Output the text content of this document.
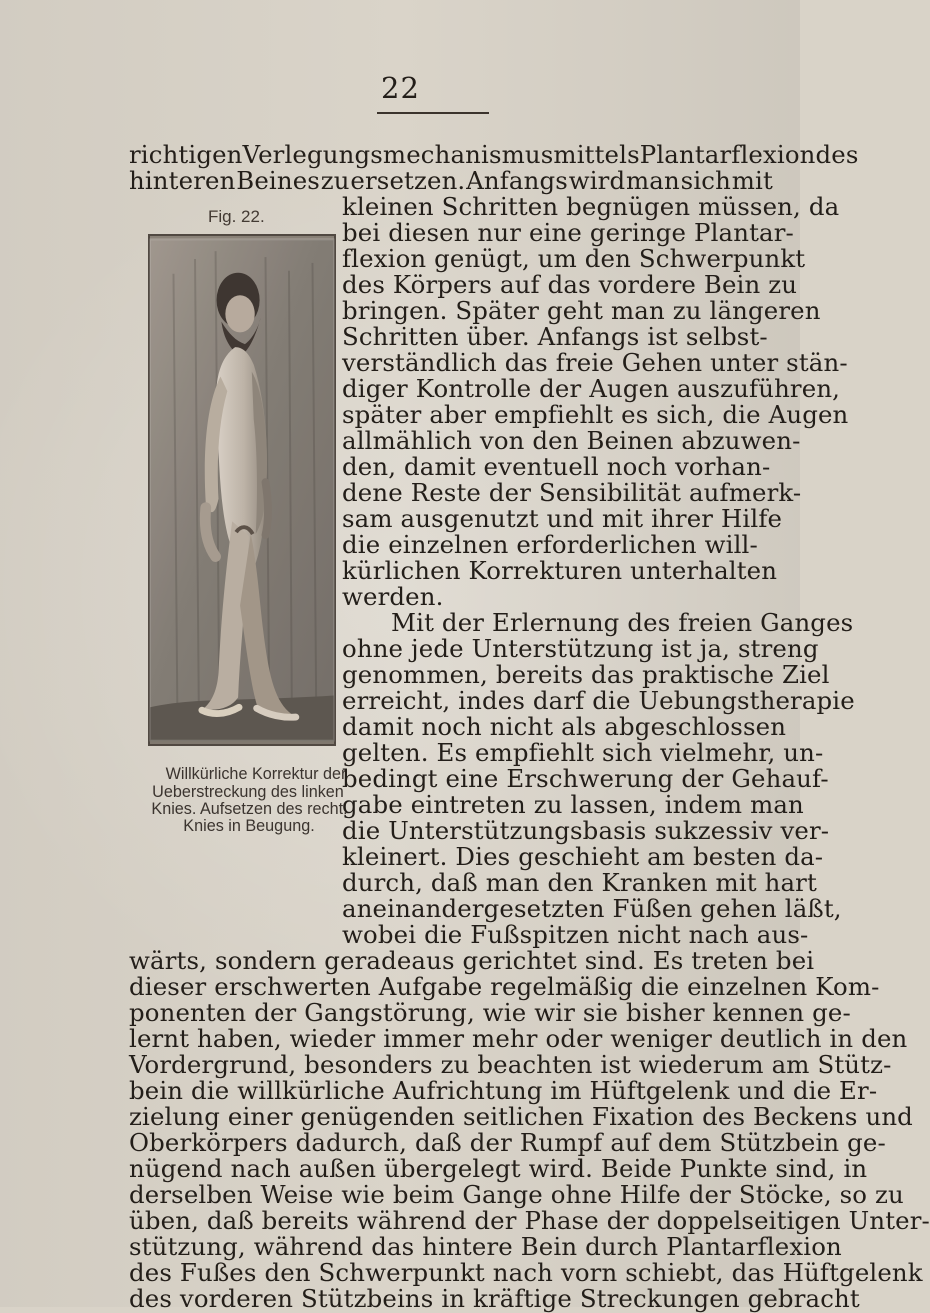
22
Fig. 22.
Willkürliche Korrektur der
Ueberstreckung des linken
Knies. Aufsetzen des recht.
Knies in Beugung.
richtigen Verlegungsmechanismus mittels Plantarflexion des
hinteren Beines zu ersetzen. Anfangs wird man sich mit
kleinen Schritten begnügen müssen, da
bei diesen nur eine geringe Plantar-
flexion genügt, um den Schwerpunkt
des Körpers auf das vordere Bein zu
bringen. Später geht man zu längeren
Schritten über. Anfangs ist selbst-
verständlich das freie Gehen unter stän-
diger Kontrolle der Augen auszuführen,
später aber empfiehlt es sich, die Augen
allmählich von den Beinen abzuwen-
den, damit eventuell noch vorhan-
dene Reste der Sensibilität aufmerk-
sam ausgenutzt und mit ihrer Hilfe
die einzelnen erforderlichen will-
kürlichen Korrekturen unterhalten
werden.
Mit der Erlernung des freien Ganges
ohne jede Unterstützung ist ja, streng
genommen, bereits das praktische Ziel
erreicht, indes darf die Uebungstherapie
damit noch nicht als abgeschlossen
gelten. Es empfiehlt sich vielmehr, un-
bedingt eine Erschwerung der Gehauf-
gabe eintreten zu lassen, indem man
die Unterstützungsbasis sukzessiv ver-
kleinert. Dies geschieht am besten da-
durch, daß man den Kranken mit hart
aneinandergesetzten Füßen gehen läßt,
wobei die Fußspitzen nicht nach aus-
wärts, sondern geradeaus gerichtet sind. Es treten bei
dieser erschwerten Aufgabe regelmäßig die einzelnen Kom-
ponenten der Gangstörung, wie wir sie bisher kennen ge-
lernt haben, wieder immer mehr oder weniger deutlich in den
Vordergrund, besonders zu beachten ist wiederum am Stütz-
bein die willkürliche Aufrichtung im Hüftgelenk und die Er-
zielung einer genügenden seitlichen Fixation des Beckens und
Oberkörpers dadurch, daß der Rumpf auf dem Stützbein ge-
nügend nach außen übergelegt wird. Beide Punkte sind, in
derselben Weise wie beim Gange ohne Hilfe der Stöcke, so zu
üben, daß bereits während der Phase der doppelseitigen Unter-
stützung, während das hintere Bein durch Plantarflexion
des Fußes den Schwerpunkt nach vorn schiebt, das Hüftgelenk
des vorderen Stützbeins in kräftige Streckungen gebracht
